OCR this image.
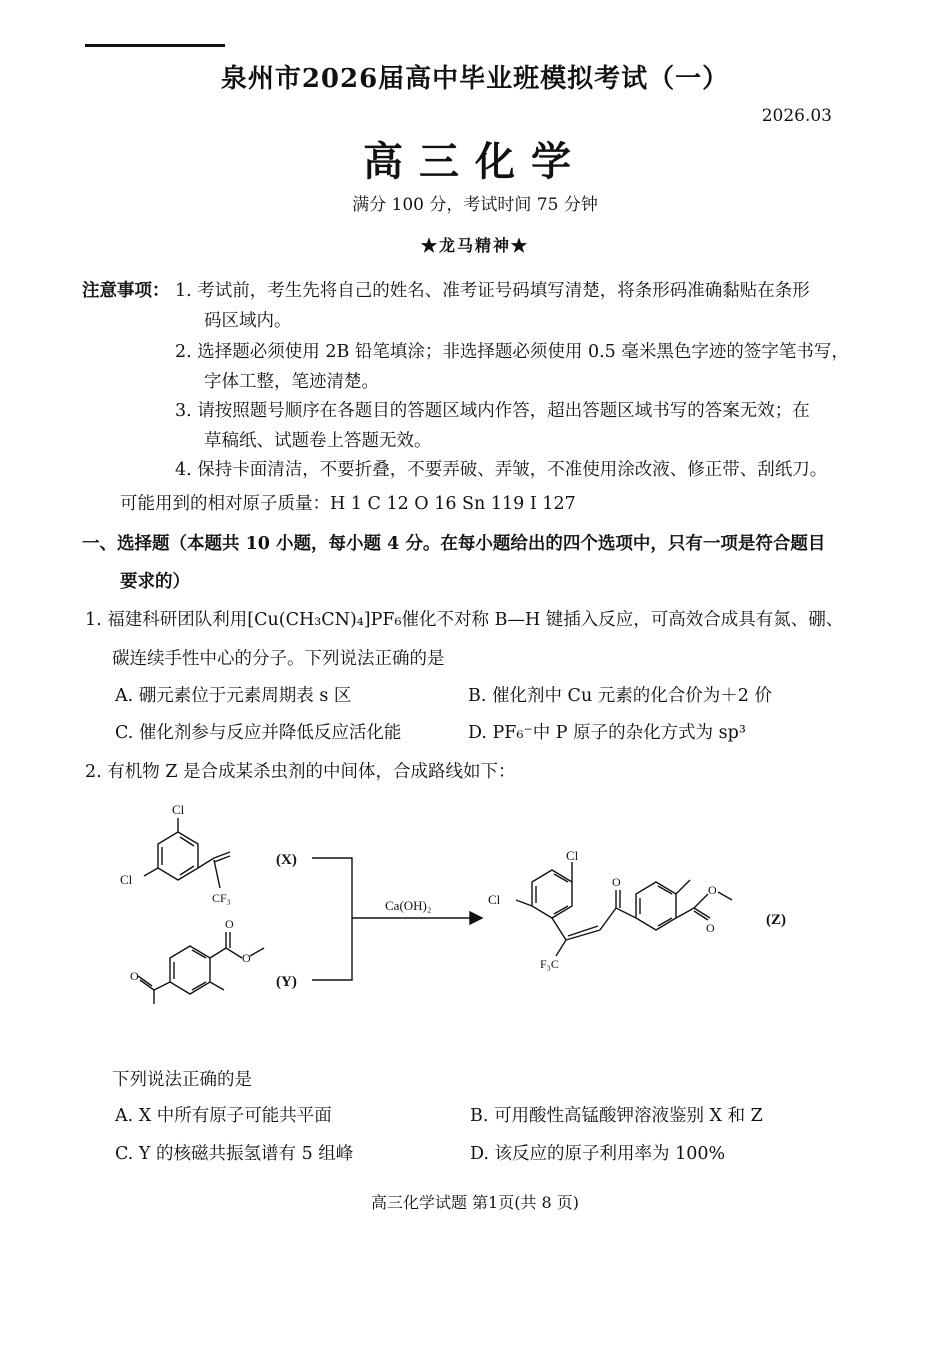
泉州市2026届高中毕业班模拟考试（一）
2026.03
高三化学
满分 100 分，考试时间 75 分钟
★龙马精神★
注意事项： 1. 考试前，考生先将自己的姓名、准考证号码填写清楚，将条形码准确黏贴在条形
码区域内。
2. 选择题必须使用 2B 铅笔填涂；非选择题必须使用 0.5 毫米黑色字迹的签字笔书写，
字体工整，笔迹清楚。
3. 请按照题号顺序在各题目的答题区域内作答，超出答题区域书写的答案无效；在
草稿纸、试题卷上答题无效。
4. 保持卡面清洁，不要折叠，不要弄破、弄皱，不准使用涂改液、修正带、刮纸刀。
可能用到的相对原子质量：H 1 C 12 O 16 Sn 119 I 127
一、选择题（本题共 10 小题，每小题 4 分。在每小题给出的四个选项中，只有一项是符合题目
要求的）
1. 福建科研团队利用[Cu(CH₃CN)₄]PF₆催化不对称 B—H 键插入反应，可高效合成具有氮、硼、
碳连续手性中心的分子。下列说法正确的是
A. 硼元素位于元素周期表 s 区	B. 催化剂中 Cu 元素的化合价为＋2 价
C. 催化剂参与反应并降低反应活化能	D. PF₆⁻中 P 原子的杂化方式为 sp³
2. 有机物 Z 是合成某杀虫剂的中间体，合成路线如下：
Cl
Cl
CF₃
(X)
O
O
O	(Y)
Ca(OH)₂
Cl
Cl
F₃C
O
O
O
(Z)
下列说法正确的是
A. X 中所有原子可能共平面	B. 可用酸性高锰酸钾溶液鉴别 X 和 Z
C. Y 的核磁共振氢谱有 5 组峰	D. 该反应的原子利用率为 100%
高三化学试题 第1页(共 8 页)
